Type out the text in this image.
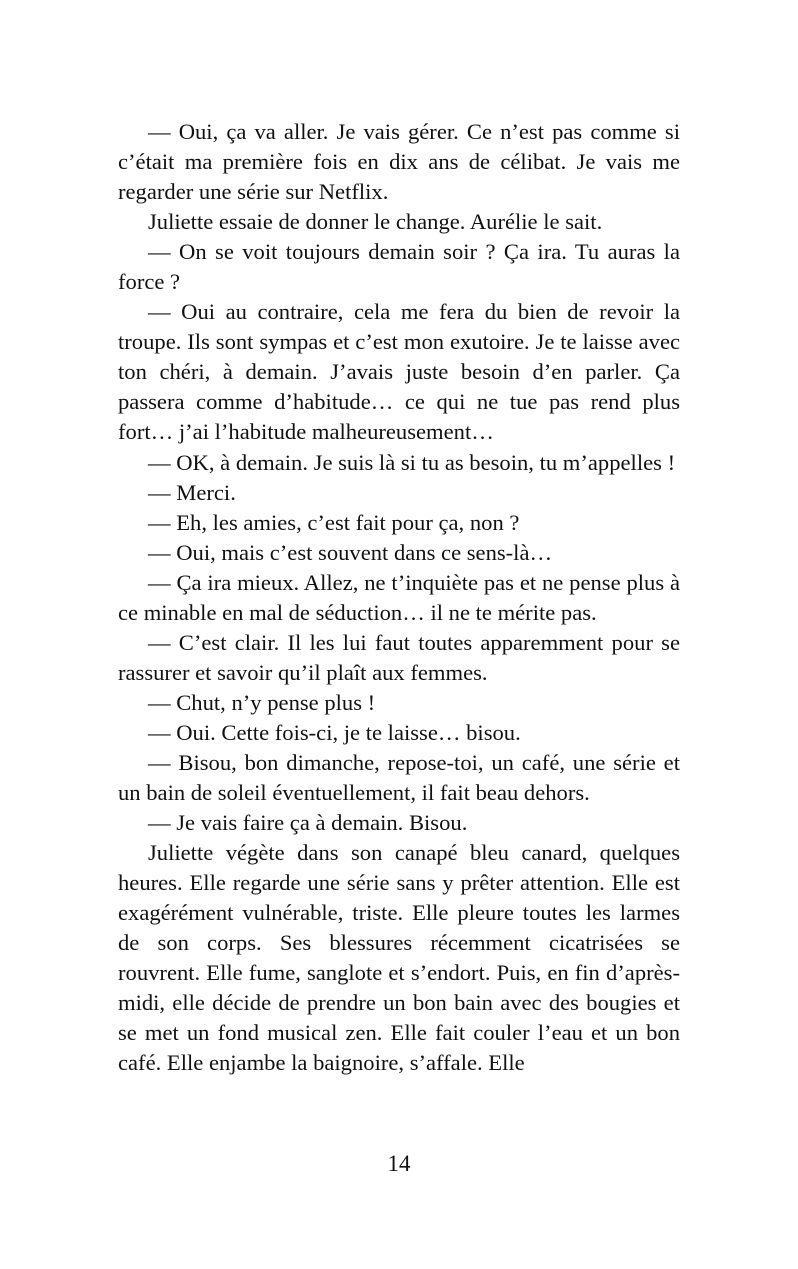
— Oui, ça va aller. Je vais gérer. Ce n’est pas comme si c’était ma première fois en dix ans de célibat. Je vais me regarder une série sur Netflix.

Juliette essaie de donner le change. Aurélie le sait.

— On se voit toujours demain soir ? Ça ira. Tu auras la force ?

— Oui au contraire, cela me fera du bien de revoir la troupe. Ils sont sympas et c’est mon exutoire. Je te laisse avec ton chéri, à demain. J’avais juste besoin d’en parler. Ça passera comme d’habitude… ce qui ne tue pas rend plus fort… j’ai l’habitude malheureusement…

— OK, à demain. Je suis là si tu as besoin, tu m’appelles !

— Merci.

— Eh, les amies, c’est fait pour ça, non ?

— Oui, mais c’est souvent dans ce sens-là…

— Ça ira mieux. Allez, ne t’inquiète pas et ne pense plus à ce minable en mal de séduction… il ne te mérite pas.

— C’est clair. Il les lui faut toutes apparemment pour se rassurer et savoir qu’il plaît aux femmes.

— Chut, n’y pense plus !

— Oui. Cette fois-ci, je te laisse… bisou.

— Bisou, bon dimanche, repose-toi, un café, une série et un bain de soleil éventuellement, il fait beau dehors.

— Je vais faire ça à demain. Bisou.

Juliette végète dans son canapé bleu canard, quelques heures. Elle regarde une série sans y prêter attention. Elle est exagérément vulnérable, triste. Elle pleure toutes les larmes de son corps. Ses blessures récemment cicatrisées se rouvrent. Elle fume, sanglote et s’endort. Puis, en fin d’après-midi, elle décide de prendre un bon bain avec des bougies et se met un fond musical zen. Elle fait couler l’eau et un bon café. Elle enjambe la baignoire, s’affale. Elle

14
